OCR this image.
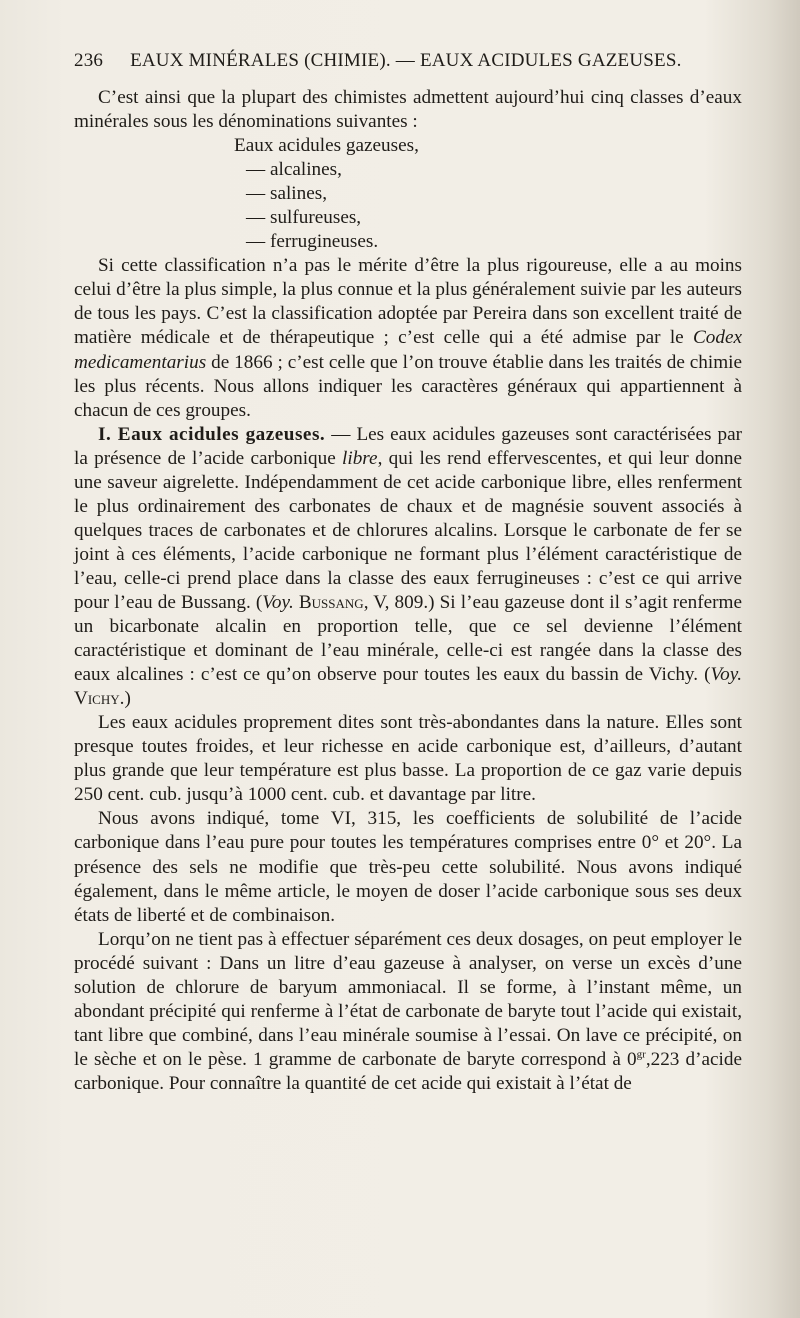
236 EAUX MINÉRALES (CHIMIE). — EAUX ACIDULES GAZEUSES.

C’est ainsi que la plupart des chimistes admettent aujourd’hui cinq classes d’eaux minérales sous les dénominations suivantes :

Eaux acidules gazeuses,
— alcalines,
— salines,
— sulfureuses,
— ferrugineuses.

Si cette classification n’a pas le mérite d’être la plus rigoureuse, elle a au moins celui d’être la plus simple, la plus connue et la plus généralement suivie par les auteurs de tous les pays. C’est la classification adoptée par Pereira dans son excellent traité de matière médicale et de thérapeutique ; c’est celle qui a été admise par le Codex medicamentarius de 1866 ; c’est celle que l’on trouve établie dans les traités de chimie les plus récents. Nous allons indiquer les caractères généraux qui appartiennent à chacun de ces groupes.

I. Eaux acidules gazeuses. — Les eaux acidules gazeuses sont caractérisées par la présence de l’acide carbonique libre, qui les rend effervescentes, et qui leur donne une saveur aigrelette. Indépendamment de cet acide carbonique libre, elles renferment le plus ordinairement des carbonates de chaux et de magnésie souvent associés à quelques traces de carbonates et de chlorures alcalins. Lorsque le carbonate de fer se joint à ces éléments, l’acide carbonique ne formant plus l’élément caractéristique de l’eau, celle-ci prend place dans la classe des eaux ferrugineuses : c’est ce qui arrive pour l’eau de Bussang. (Voy. Bussang, V, 809.) Si l’eau gazeuse dont il s’agit renferme un bicarbonate alcalin en proportion telle, que ce sel devienne l’élément caractéristique et dominant de l’eau minérale, celle-ci est rangée dans la classe des eaux alcalines : c’est ce qu’on observe pour toutes les eaux du bassin de Vichy. (Voy. Vichy.)

Les eaux acidules proprement dites sont très-abondantes dans la nature. Elles sont presque toutes froides, et leur richesse en acide carbonique est, d’ailleurs, d’autant plus grande que leur température est plus basse. La proportion de ce gaz varie depuis 250 cent. cub. jusqu’à 1000 cent. cub. et davantage par litre.

Nous avons indiqué, tome VI, 315, les coefficients de solubilité de l’acide carbonique dans l’eau pure pour toutes les températures comprises entre 0° et 20°. La présence des sels ne modifie que très-peu cette solubilité. Nous avons indiqué également, dans le même article, le moyen de doser l’acide carbonique sous ses deux états de liberté et de combinaison.

Lorqu’on ne tient pas à effectuer séparément ces deux dosages, on peut employer le procédé suivant : Dans un litre d’eau gazeuse à analyser, on verse un excès d’une solution de chlorure de baryum ammoniacal. Il se forme, à l’instant même, un abondant précipité qui renferme à l’état de carbonate de baryte tout l’acide qui existait, tant libre que combiné, dans l’eau minérale soumise à l’essai. On lave ce précipité, on le sèche et on le pèse. 1 gramme de carbonate de baryte correspond à $0^{gr},223$ d’acide carbonique. Pour connaître la quantité de cet acide qui existait à l’état de
